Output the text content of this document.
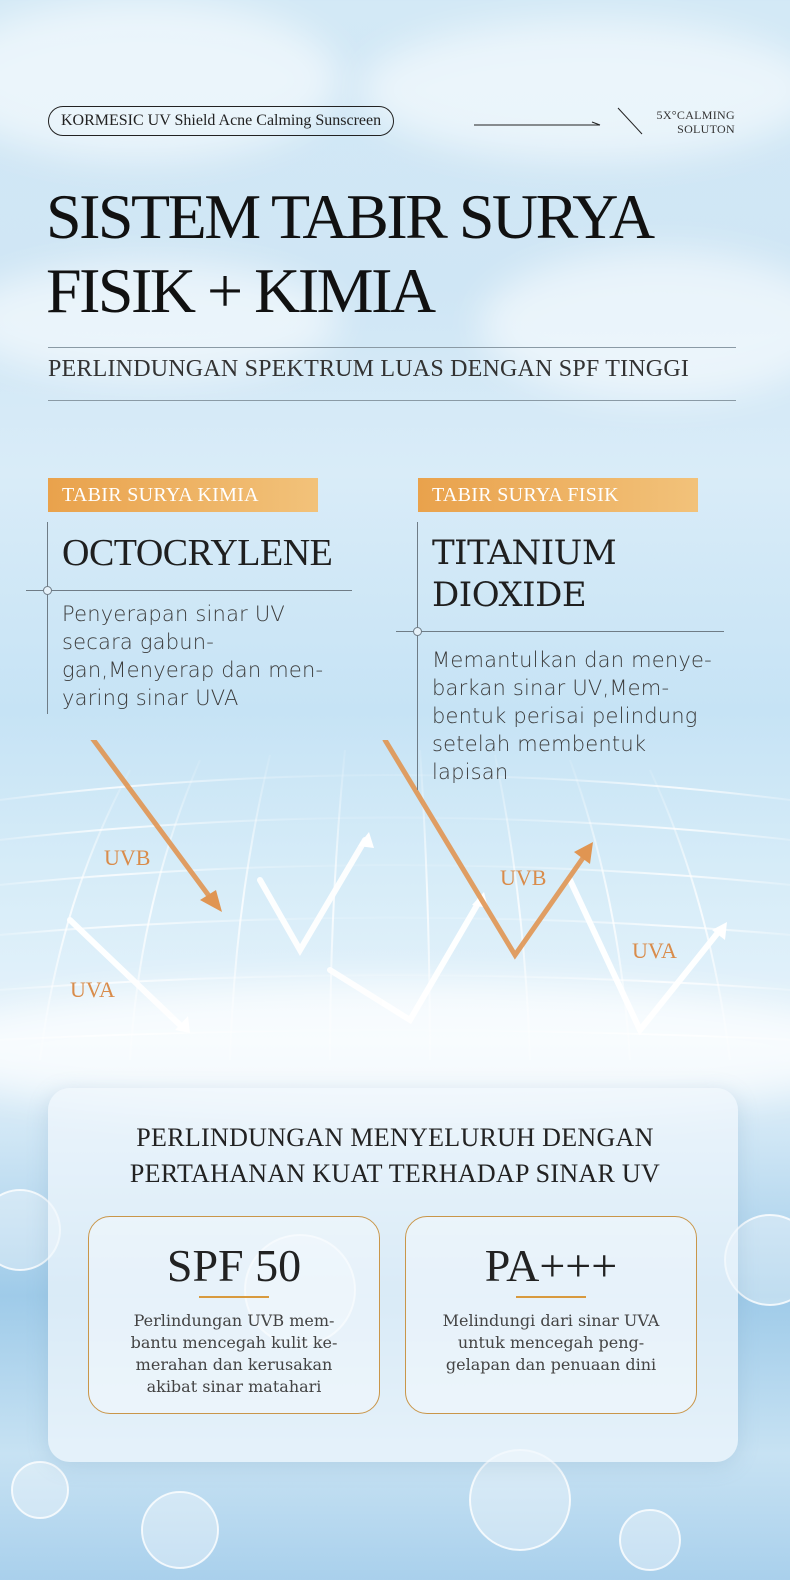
KORMESIC UV Shield Acne Calming Sunscreen	5X°CALMING
SOLUTON
SISTEM TABIR SURYA
FISIK + KIMIA
PERLINDUNGAN SPEKTRUM LUAS DENGAN SPF TINGGI
TABIR SURYA KIMIA
OCTOCRYLENE
Penyerapan sinar UV
secara gabun-
gan,Menyerap dan men-
yaring sinar UVA
TABIR SURYA FISIK
TITANIUM
DIOXIDE
Memantulkan dan menye-
barkan sinar UV,Mem-
bentuk perisai pelindung
setelah membentuk
lapisan
UVB
UVA
UVB
UVA
PERLINDUNGAN MENYELURUH DENGAN
PERTAHANAN KUAT TERHADAP SINAR UV
SPF 50
Perlindungan UVB mem-
bantu mencegah kulit ke-
merahan dan kerusakan
akibat sinar matahari
PA+++
Melindungi dari sinar UVA
untuk mencegah peng-
gelapan dan penuaan dini
